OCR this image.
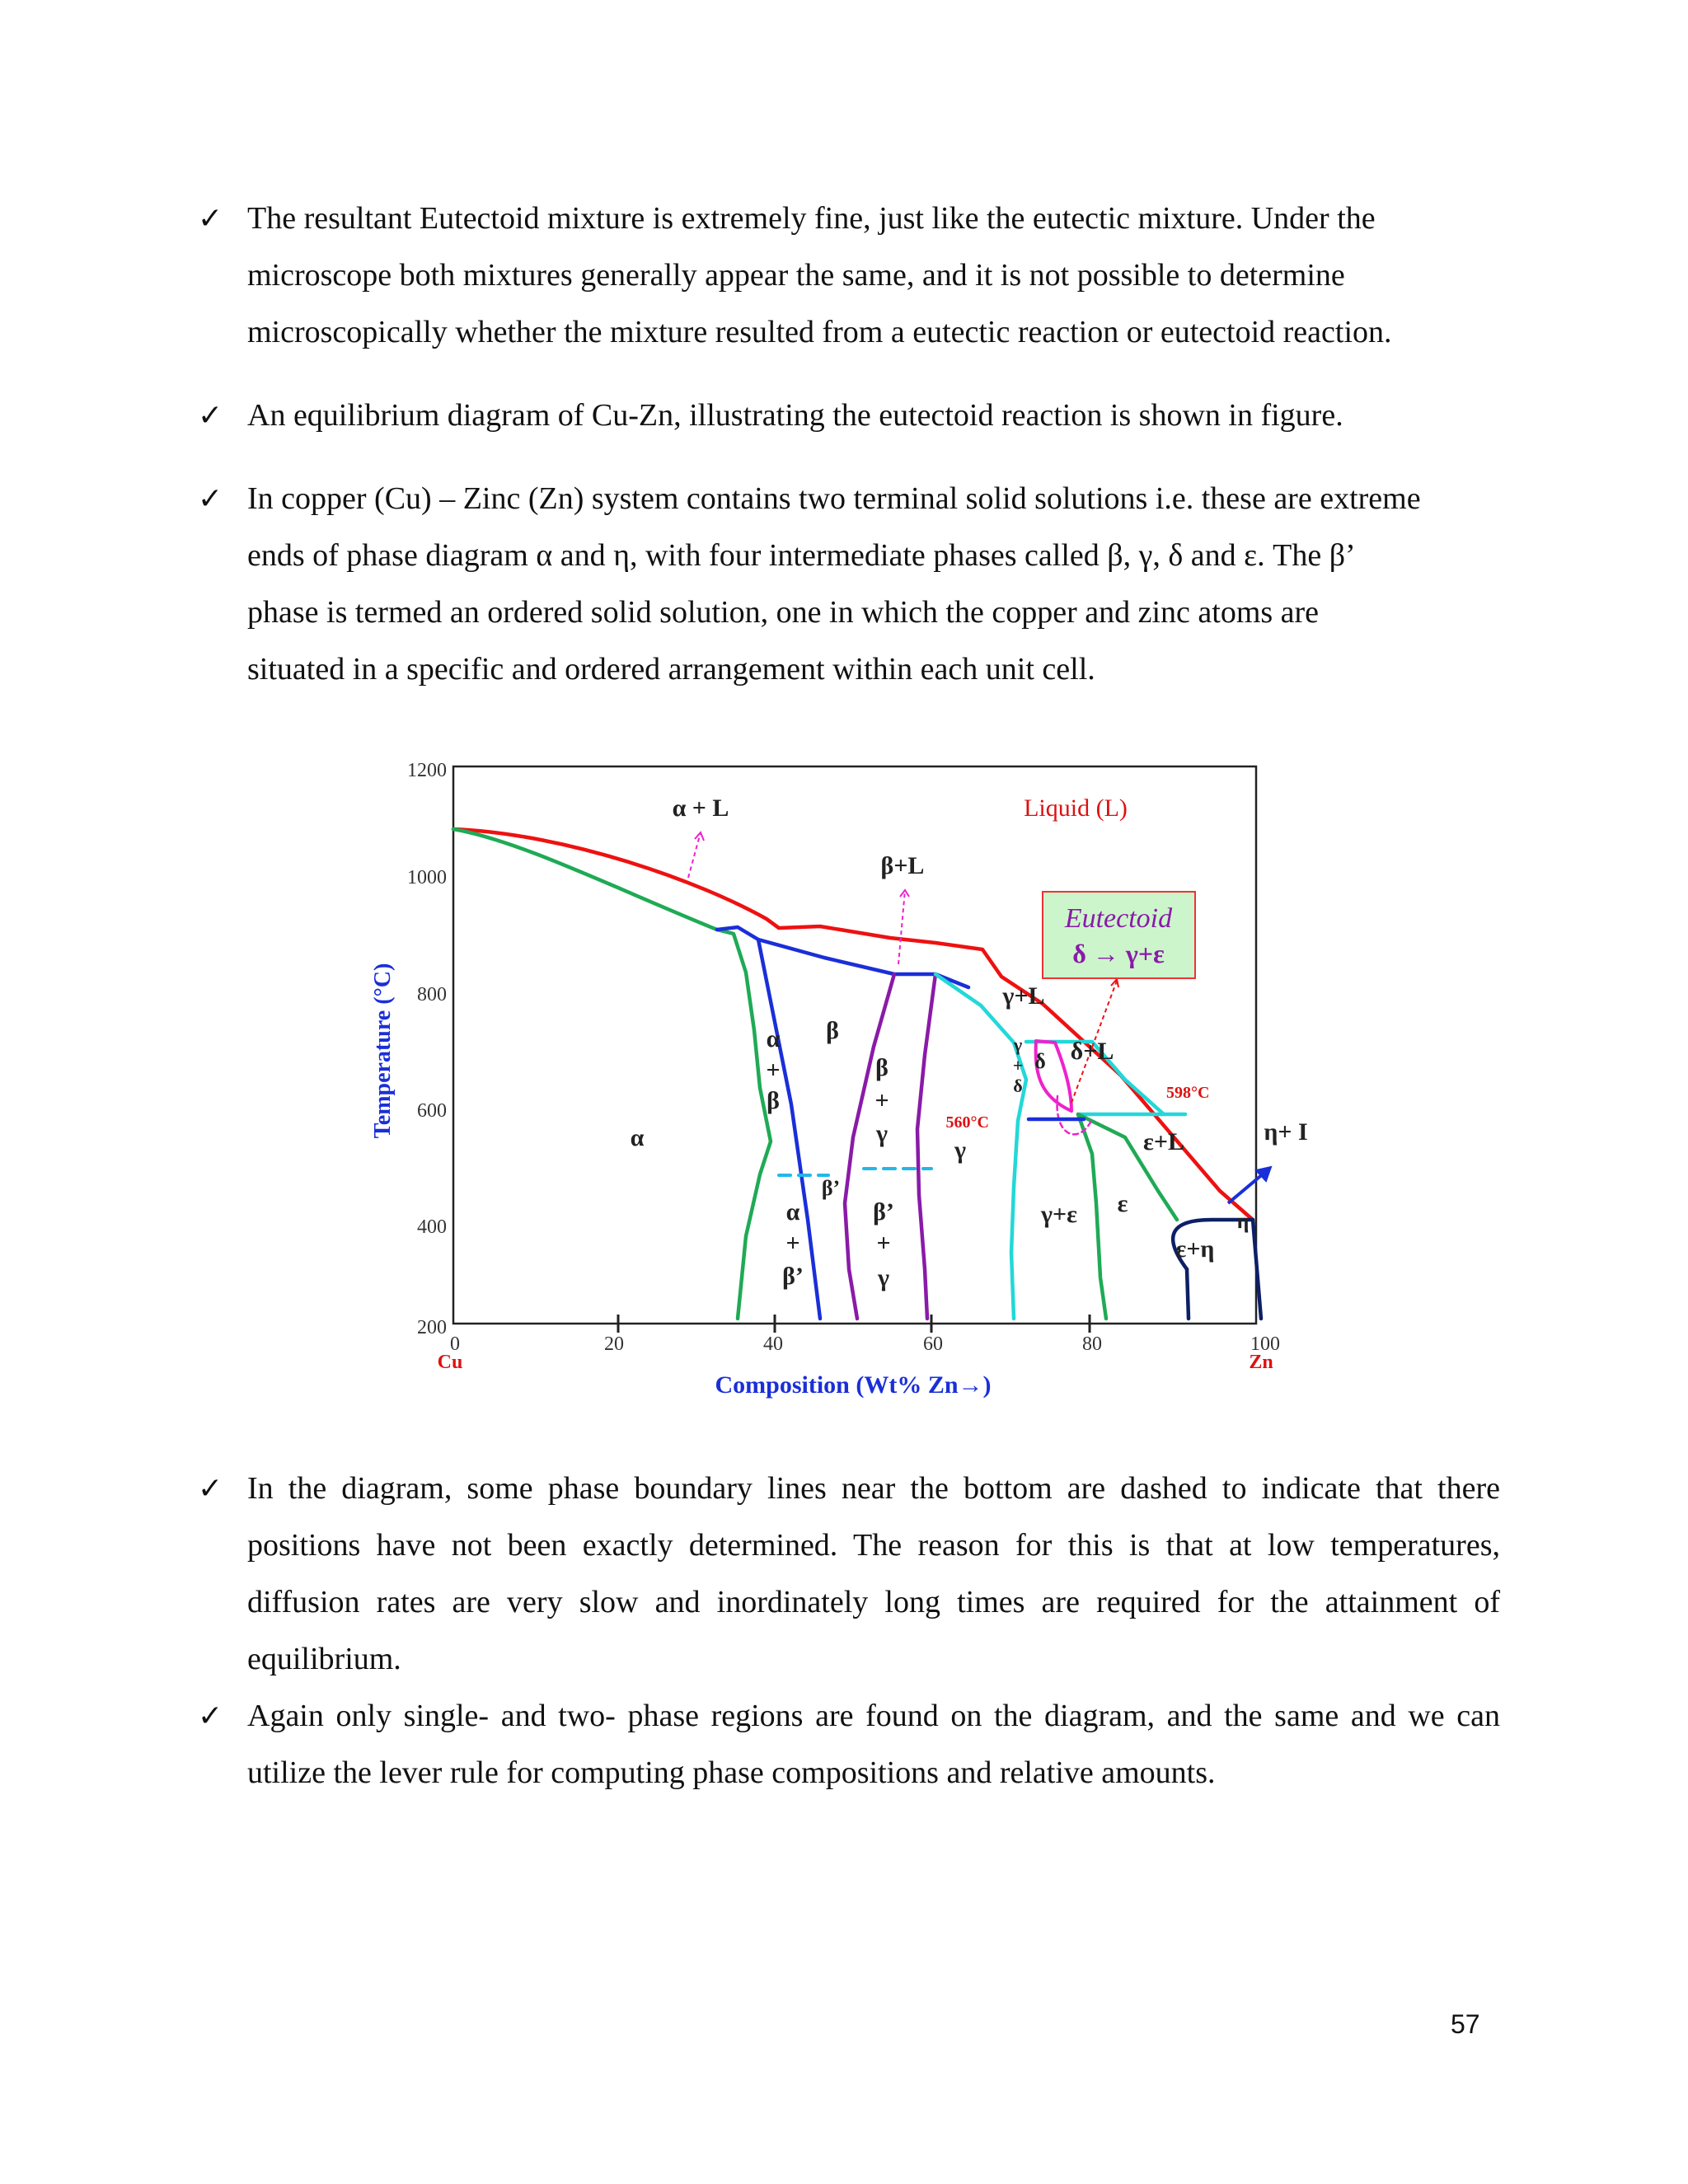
✓ The resultant Eutectoid mixture is extremely fine, just like the eutectic mixture. Under the

microscope both mixtures generally appear the same, and it is not possible to determine

microscopically whether the mixture resulted from a eutectic reaction or eutectoid reaction.

✓ An equilibrium diagram of Cu-Zn, illustrating the eutectoid reaction is shown in figure.

✓ In copper (Cu) – Zinc (Zn) system contains two terminal solid solutions i.e. these are extreme

ends of phase diagram α and η, with four intermediate phases called β, γ, δ and ε. The β’

phase is termed an ordered solid solution, one in which the copper and zinc atoms are

situated in a specific and ordered arrangement within each unit cell.

1200
1000
800
600
400
200
0	20	40	60	80	100
Cu	Zn
Composition (Wt% Zn→)
Temperature (°C)
Eutectoid
δ → γ+ε
α + L	Liquid (L)
β+L
α
α
+
β
β
β
+
γ
γ
γ+L
γ
+
δ
δ δ+L
ε+L	η+ I
β’
α
+
β’
β’
+
γ
γ+ε ε
ε+η
η
560°C
598°C
✓ In the diagram, some phase boundary lines near the bottom are dashed to indicate that there positions have not been exactly determined. The reason for this is that at low temperatures, diffusion rates are very slow and inordinately long times are required for the attainment of equilibrium.

✓ Again only single- and two- phase regions are found on the diagram, and the same and we can utilize the lever rule for computing phase compositions and relative amounts.

57
